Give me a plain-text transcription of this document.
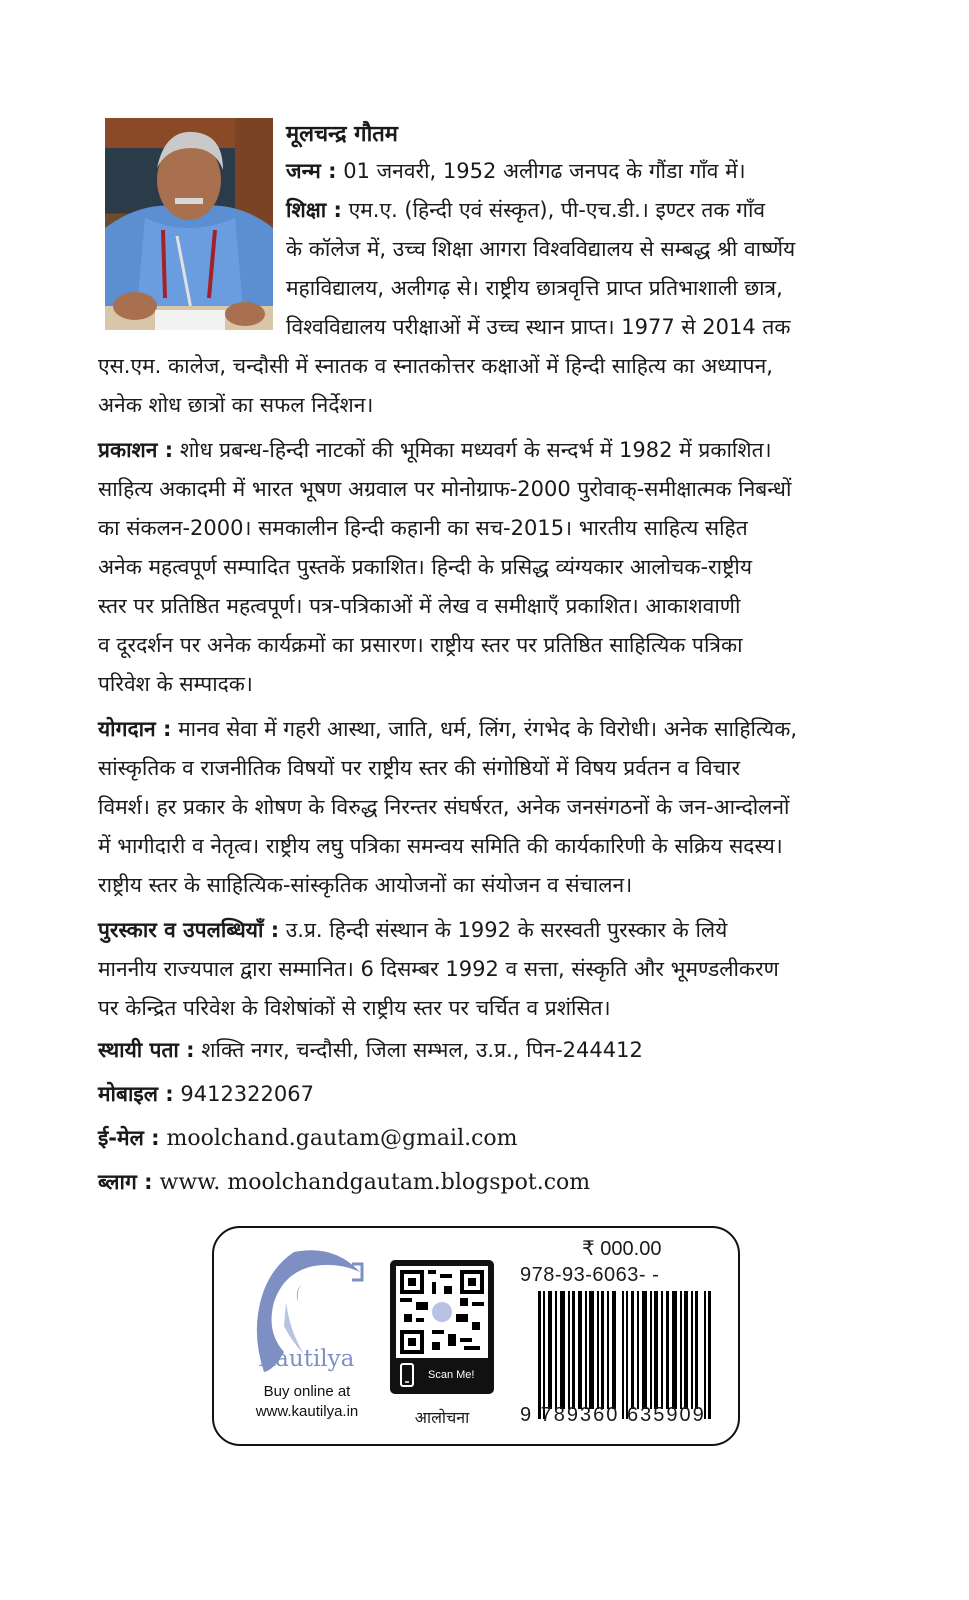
मूलचन्द्र गौतम

जन्म : 01 जनवरी, 1952 अलीगढ जनपद के गौंडा गाँव में।

शिक्षा : एम.ए. (हिन्दी एवं संस्कृत), पी-एच.डी.। इण्टर तक गाँव

के कॉलेज में, उच्च शिक्षा आगरा विश्वविद्यालय से सम्बद्ध श्री वार्ष्णेय

महाविद्यालय, अलीगढ़ से। राष्ट्रीय छात्रवृत्ति प्राप्त प्रतिभाशाली छात्र,

विश्वविद्यालय परीक्षाओं में उच्च स्थान प्राप्त। 1977 से 2014 तक

एस.एम. कालेज, चन्दौसी में स्नातक व स्नातकोत्तर कक्षाओं में हिन्दी साहित्य का अध्यापन,

अनेक शोध छात्रों का सफल निर्देशन।

प्रकाशन : शोध प्रबन्ध-हिन्दी नाटकों की भूमिका मध्यवर्ग के सन्दर्भ में 1982 में प्रकाशित।

साहित्य अकादमी में भारत भूषण अग्रवाल पर मोनोग्राफ-2000 पुरोवाक्-समीक्षात्मक निबन्धों

का संकलन-2000। समकालीन हिन्दी कहानी का सच-2015। भारतीय साहित्य सहित

अनेक महत्वपूर्ण सम्पादित पुस्तकें प्रकाशित। हिन्दी के प्रसिद्ध व्यंग्यकार आलोचक-राष्ट्रीय

स्तर पर प्रतिष्ठित महत्वपूर्ण। पत्र-पत्रिकाओं में लेख व समीक्षाएँ प्रकाशित। आकाशवाणी

व दूरदर्शन पर अनेक कार्यक्रमों का प्रसारण। राष्ट्रीय स्तर पर प्रतिष्ठित साहित्यिक पत्रिका

परिवेश के सम्पादक।

योगदान : मानव सेवा में गहरी आस्था, जाति, धर्म, लिंग, रंगभेद के विरोधी। अनेक साहित्यिक,

सांस्कृतिक व राजनीतिक विषयों पर राष्ट्रीय स्तर की संगोष्ठियों में विषय प्रर्वतन व विचार

विमर्श। हर प्रकार के शोषण के विरुद्ध निरन्तर संघर्षरत, अनेक जनसंगठनों के जन-आन्दोलनों

में भागीदारी व नेतृत्व। राष्ट्रीय लघु पत्रिका समन्वय समिति की कार्यकारिणी के सक्रिय सदस्य।

राष्ट्रीय स्तर के साहित्यिक-सांस्कृतिक आयोजनों का संयोजन व संचालन।

पुरस्कार व उपलब्धियाँ : उ.प्र. हिन्दी संस्थान के 1992 के सरस्वती पुरस्कार के लिये

माननीय राज्यपाल द्वारा सम्मानित। 6 दिसम्बर 1992 व सत्ता, संस्कृति और भूमण्डलीकरण

पर केन्द्रित परिवेश के विशेषांकों से राष्ट्रीय स्तर पर चर्चित व प्रशंसित।

स्थायी पता : शक्ति नगर, चन्दौसी, जिला सम्भल, उ.प्र., पिन-244412
मोबाइल : 9412322067
ई-मेल : moolchand.gautam@gmail.com
ब्लाग : www. moolchandgautam.blogspot.com
Kautilya
Buy online at
www.kautilya.in
Scan Me!
आलोचना
₹ 000.00
978-93-6063- -
9 789360 635909
